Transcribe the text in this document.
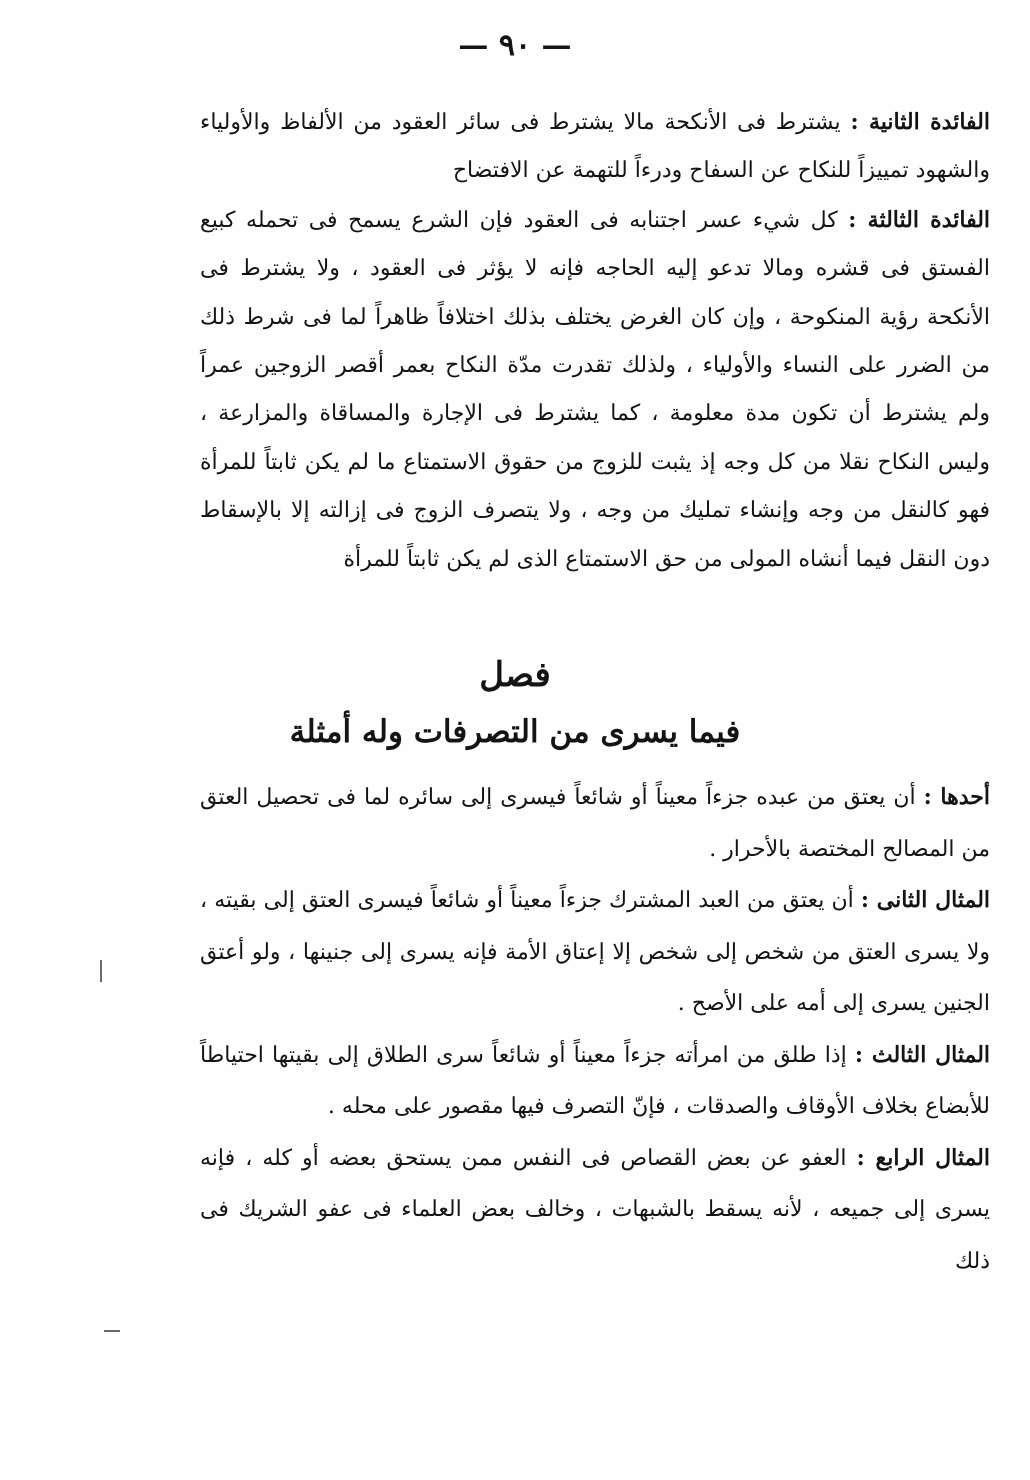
— ٩٠ —

الفائدة الثانية : يشترط فى الأنكحة مالا يشترط فى سائر العقود من الألفاظ والأولياء والشهود تمييزاً للنكاح عن السفاح ودرءاً للتهمة عن الافتضاح

الفائدة الثالثة : كل شيء عسر اجتنابه فى العقود فإن الشرع يسمح فى تحمله كبيع الفستق فى قشره ومالا تدعو إليه الحاجه فإنه لا يؤثر فى العقود ، ولا يشترط فى الأنكحة رؤية المنكوحة ، وإن كان الغرض يختلف بذلك اختلافاً ظاهراً لما فى شرط ذلك من الضرر على النساء والأولياء ، ولذلك تقدرت مدّة النكاح بعمر أقصر الزوجين عمراً ولم يشترط أن تكون مدة معلومة ، كما يشترط فى الإجارة والمساقاة والمزارعة ، وليس النكاح نقلا من كل وجه إذ يثبت للزوج من حقوق الاستمتاع ما لم يكن ثابتاً للمرأة فهو كالنقل من وجه وإنشاء تمليك من وجه ، ولا يتصرف الزوج فى إزالته إلا بالإسقاط دون النقل فيما أنشاه المولى من حق الاستمتاع الذى لم يكن ثابتاً للمرأة

فصل
فيما يسرى من التصرفات وله أمثلة

أحدها : أن يعتق من عبده جزءاً معيناً أو شائعاً فيسرى إلى سائره لما فى تحصيل العتق من المصالح المختصة بالأحرار .

المثال الثانى : أن يعتق من العبد المشترك جزءاً معيناً أو شائعاً فيسرى العتق إلى بقيته ، ولا يسرى العتق من شخص إلى شخص إلا إعتاق الأمة فإنه يسرى إلى جنينها ، ولو أعتق الجنين يسرى إلى أمه على الأصح .

المثال الثالث : إذا طلق من امرأته جزءاً معيناً أو شائعاً سرى الطلاق إلى بقيتها احتياطاً للأبضاع بخلاف الأوقاف والصدقات ، فإنّ التصرف فيها مقصور على محله .

المثال الرابع : العفو عن بعض القصاص فى النفس ممن يستحق بعضه أو كله ، فإنه يسرى إلى جميعه ، لأنه يسقط بالشبهات ، وخالف بعض العلماء فى عفو الشريك فى ذلك
